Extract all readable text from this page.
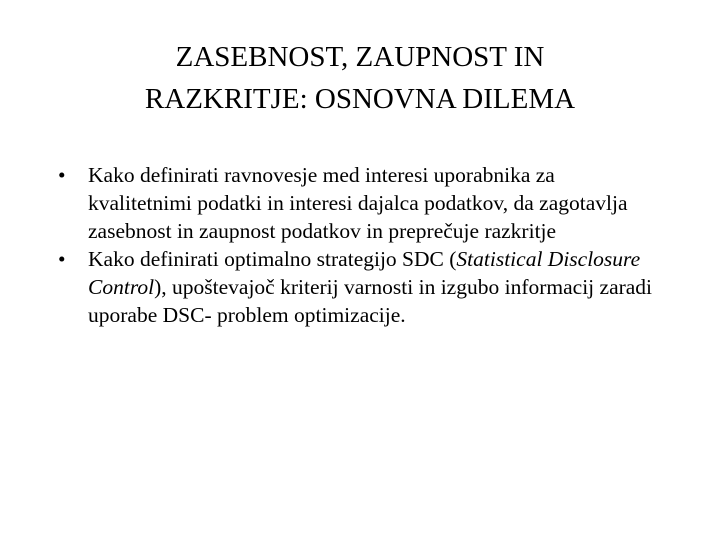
ZASEBNOST, ZAUPNOST IN
RAZKRITJE: OSNOVNA DILEMA
•	Kako definirati ravnovesje med interesi uporabnika za kvalitetnimi podatki in interesi dajalca podatkov, da zagotavlja zasebnost in zaupnost podatkov in preprečuje razkritje
•	Kako definirati optimalno strategijo SDC (Statistical Disclosure Control), upoštevajoč kriterij varnosti in izgubo informacij zaradi uporabe DSC- problem optimizacije.
